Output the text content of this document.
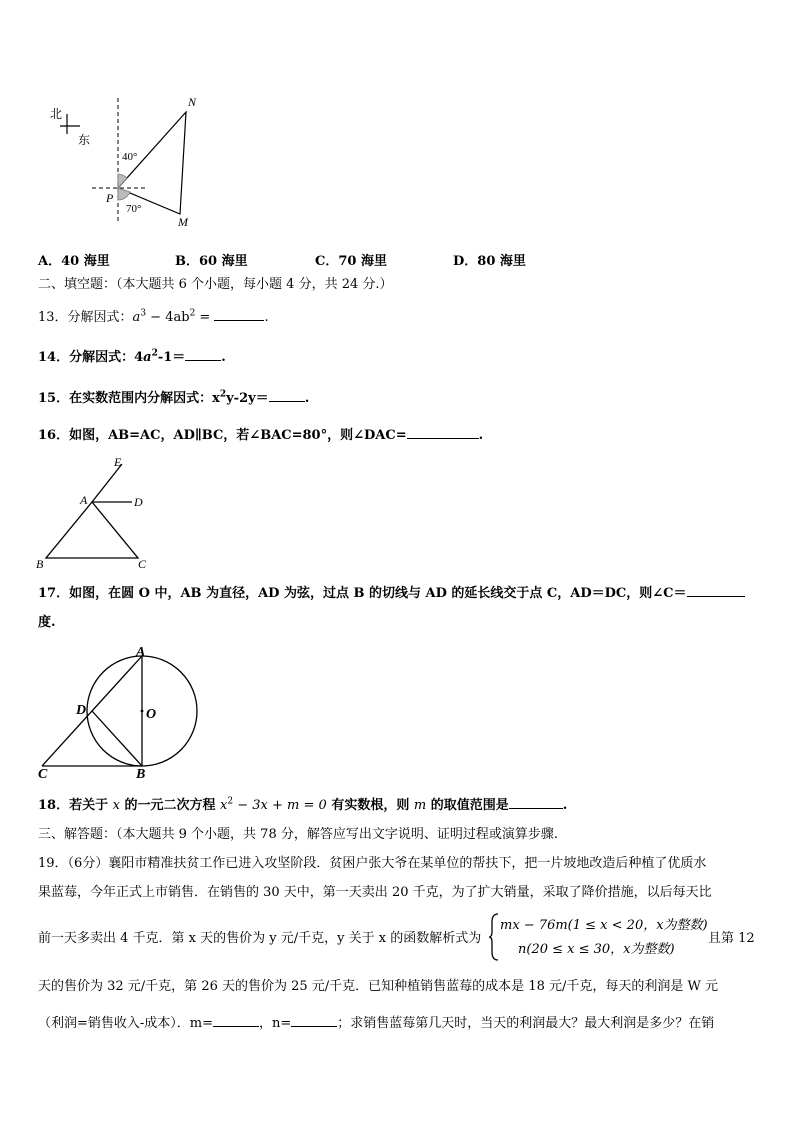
北
东
N
P
M
40°
70°
A．40 海里	B．60 海里	C．70 海里	D．80 海里
二、填空题：（本大题共 6 个小题，每小题 4 分，共 24 分.）
13．分解因式：$a^3 - 4ab^2$ =	.
14．分解因式：$4a^2-1=$	.
15．在实数范围内分解因式：$x^2y-2y=$	.
16．如图，AB=AC，AD∥BC，若∠BAC=80°，则∠DAC=	.
E
A	D
B	C
17．如图，在圆 O 中，AB 为直径，AD 为弦，过点 B 的切线与 AD 的延长线交于点 C，AD＝DC，则∠C＝
度.
A
D	O
C	B
18．若关于 x 的一元二次方程 $x^2 - 3x + m = 0$ 有实数根，则 m 的取值范围是	.
三、解答题：（本大题共 9 个小题，共 78 分，解答应写出文字说明、证明过程或演算步骤.
19．（6分）襄阳市精准扶贫工作已进入攻坚阶段．贫困户张大爷在某单位的帮扶下，把一片坡地改造后种植了优质水
果蓝莓，今年正式上市销售．在销售的 30 天中，第一天卖出 20 千克，为了扩大销量，采取了降价措施，以后每天比
前一天多卖出 4 千克．第 x 天的售价为 y 元/千克，y 关于 x 的函数解析式为
mx − 76m(1 ≤ x < 20，x为整数)
n(20 ≤ x ≤ 30，x为整数)
且第 12
天的售价为 32 元/千克，第 26 天的售价为 25 元/千克．已知种植销售蓝莓的成本是 18 元/千克，每天的利润是 W 元
（利润=销售收入-成本）．m=	，n=	；求销售蓝莓第几天时，当天的利润最大？最大利润是多少？在销
